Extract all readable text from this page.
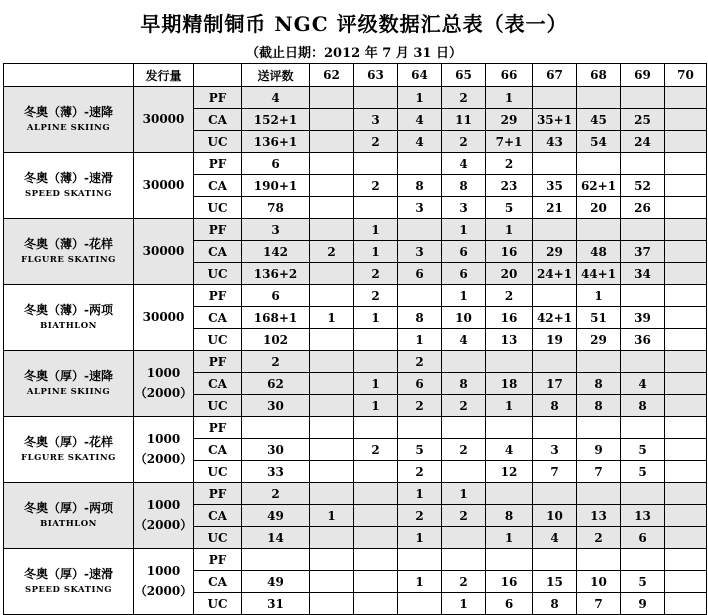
早期精制铜币 NGC 评级数据汇总表（表一）
（截止日期：2012 年 7 月 31 日）
	发行量		送评数	62	63	64	65	66	67	68	69	70

冬奥（薄）-速降
ALPINE SKIING	30000	PF	4			1	2	1				
		CA	152+1		3	4	11	29	35+1	45	25	
		UC	136+1		2	4	2	7+1	43	54	24	

冬奥（薄）-速滑
SPEED SKATING	30000	PF	6				4	2				
		CA	190+1		2	8	8	23	35	62+1	52	
		UC	78			3	3	5	21	20	26	

冬奥（薄）-花样
FLGURE SKATING	30000	PF	3		1		1	1				
		CA	142	2	1	3	6	16	29	48	37	
		UC	136+2		2	6	6	20	24+1	44+1	34	

冬奥（薄）-两项
BIATHLON	30000	PF	6		2		1	2		1		
		CA	168+1	1	1	8	10	16	42+1	51	39	
		UC	102			1	4	13	19	29	36	

冬奥（厚）-速降
ALPINE SKIING	1000
（2000）	PF	2			2						
		CA	62		1	6	8	18	17	8	4	
		UC	30		1	2	2	1	8	8	8	

冬奥（厚）-花样
FLGURE SKATING	1000
（2000）	PF										
		CA	30		2	5	2	4	3	9	5	
		UC	33			2		12	7	7	5	

冬奥（厚）-两项
BIATHLON	1000
（2000）	PF	2			1	1					
		CA	49	1		2	2	8	10	13	13	
		UC	14			1		1	4	2	6	

冬奥（厚）-速滑
SPEED SKATING	1000
（2000）	PF										
		CA	49			1	2	16	15	10	5	
		UC	31				1	6	8	7	9	
